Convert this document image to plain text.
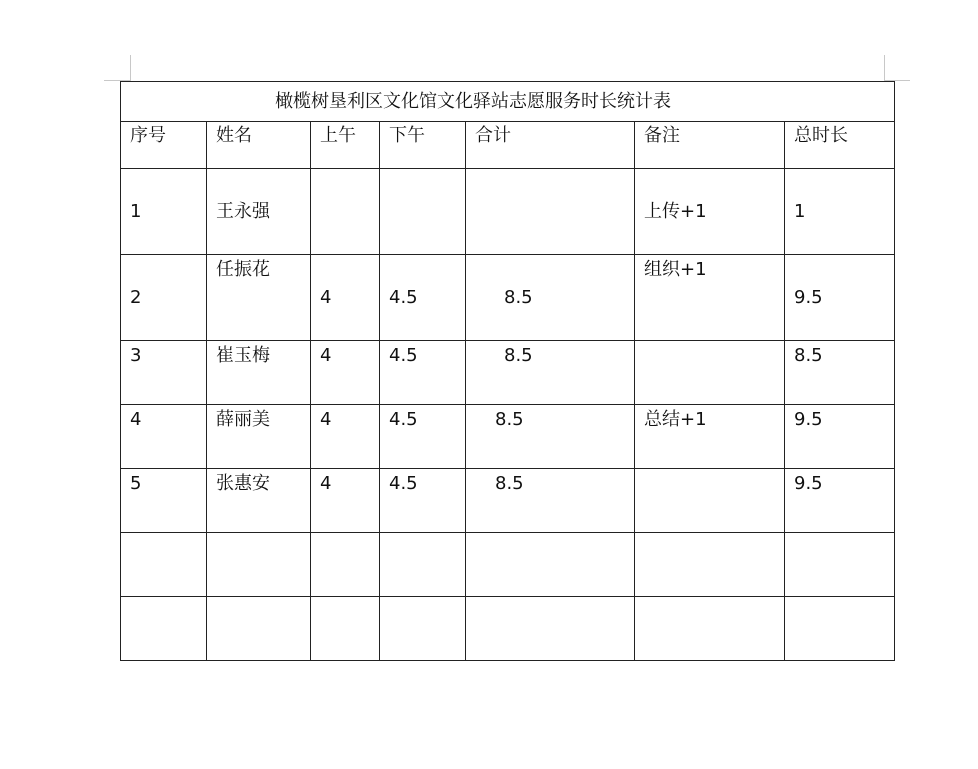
橄榄树垦利区文化馆文化驿站志愿服务时长统计表						
序号	姓名	上午	下午	合计	备注	总时长
1	王永强				上传+1	1
2	任振花	4	4.5	8.5	组织+1	9.5
3	崔玉梅	4	4.5	8.5		8.5
4	薛丽美	4	4.5	8.5	总结+1	9.5
5	张惠安	4	4.5	8.5		9.5
